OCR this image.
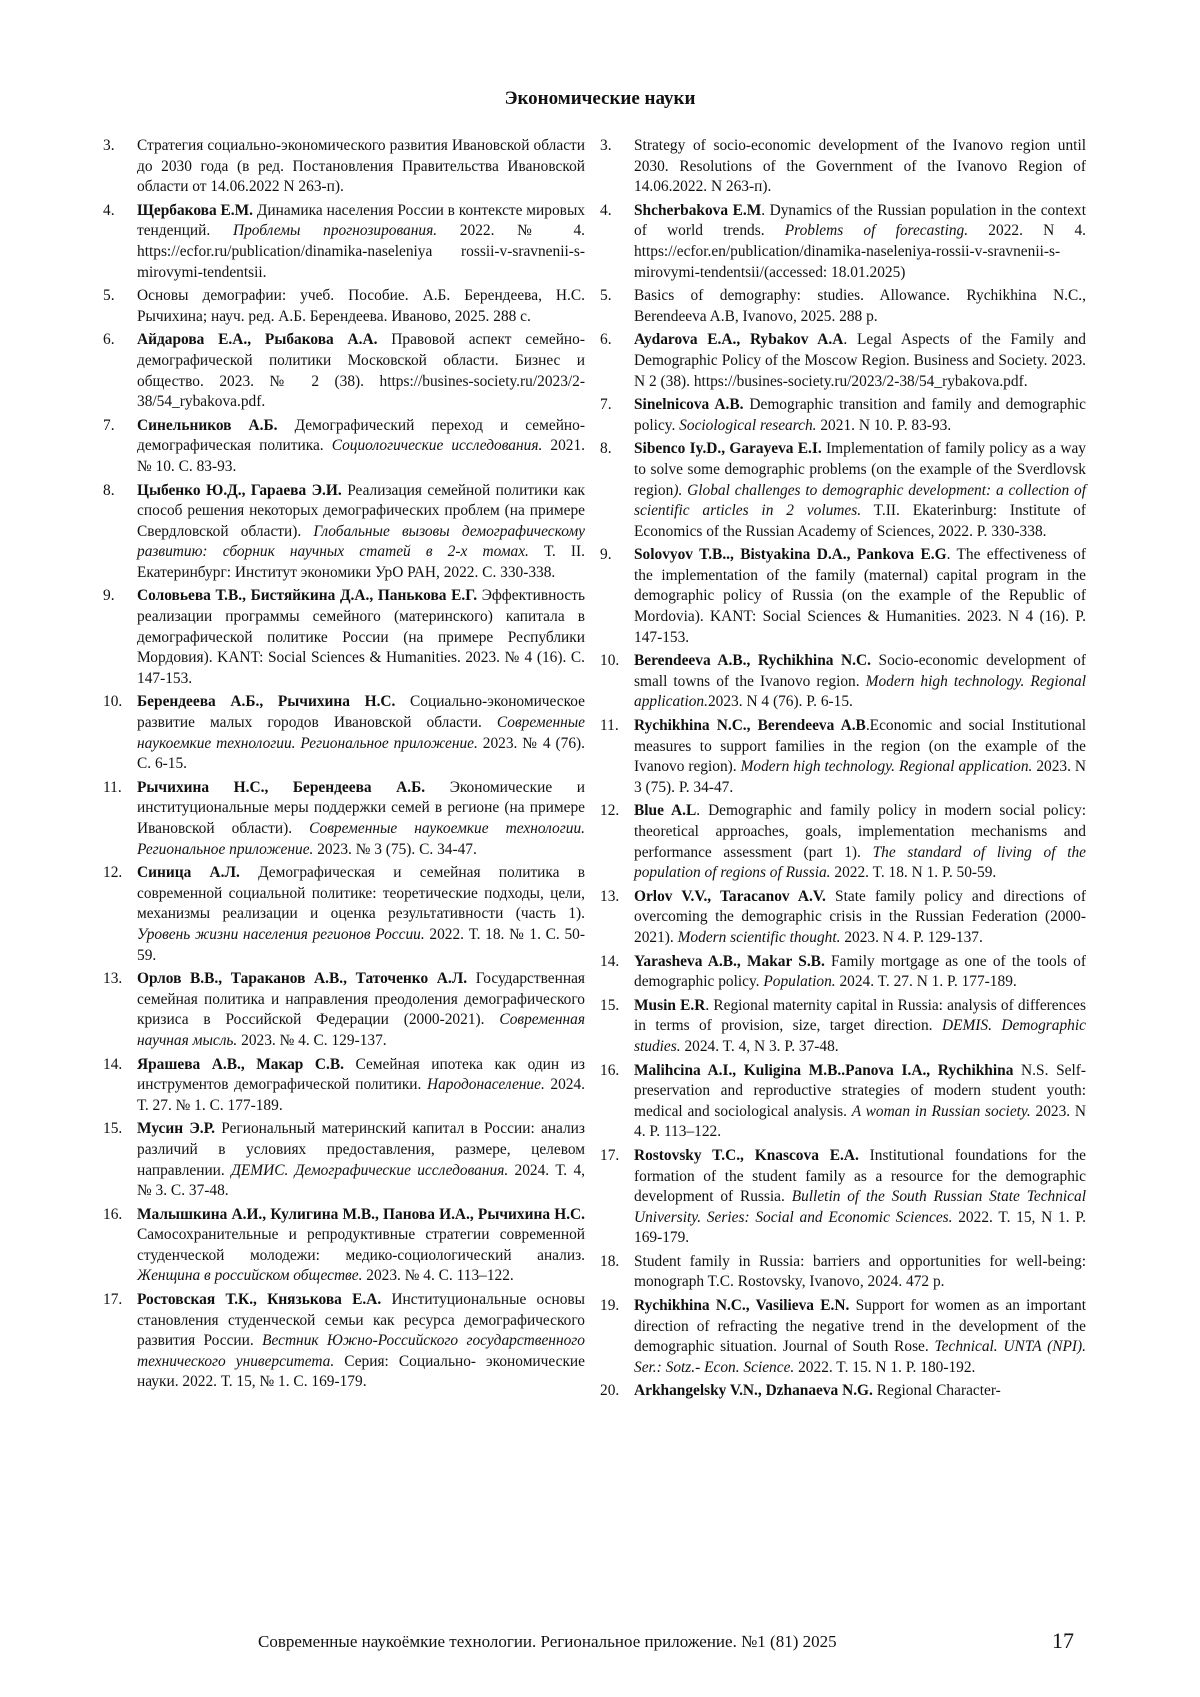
Экономические науки
3.	Стратегия социально-экономического развития Ивановской области до 2030 года (в ред. Постановления Правительства Ивановской области от 14.06.2022 N 263-п).
4.	Щербакова Е.М. Динамика населения России в контексте мировых тенденций. Проблемы прогнозирования. 2022. № 4. https://ecfor.ru/publication/dinamika-naseleniya rossii-v-sravnenii-s-mirovymi-tendentsii.
5.	Основы демографии: учеб. Пособие. А.Б. Берендеева, Н.С. Рычихина; науч. ред. А.Б. Берендеева. Иваново, 2025. 288 с.
6.	Айдарова Е.А., Рыбакова А.А. Правовой аспект семейно-демографической политики Московской области. Бизнес и общество. 2023. № 2 (38). https://busines-society.ru/2023/2-38/54_rybakova.pdf.
7.	Синельников А.Б. Демографический переход и семейно-демографическая политика. Социологические исследования. 2021. № 10. С. 83-93.
8.	Цыбенко Ю.Д., Гараева Э.И. Реализация семейной политики как способ решения некоторых демографических проблем (на примере Свердловской области). Глобальные вызовы демографическому развитию: сборник научных статей в 2-х томах. Т. II. Екатеринбург: Институт экономики УрО РАН, 2022. С. 330-338.
9.	Соловьева Т.В., Бистяйкина Д.А., Панькова Е.Г. Эффективность реализации программы семейного (материнского) капитала в демографической политике России (на примере Республики Мордовия). KANT: Social Sciences & Humanities. 2023. № 4 (16). С. 147-153.
10. Берендеева А.Б., Рычихина Н.С. Социально-экономическое развитие малых городов Ивановской области. Современные наукоемкие технологии. Региональное приложение. 2023. № 4 (76). С. 6-15.
11. Рычихина Н.С., Берендеева А.Б. Экономические и институциональные меры поддержки семей в регионе (на примере Ивановской области). Современные наукоемкие технологии. Региональное приложение. 2023. № 3 (75). С. 34-47.
12. Синица А.Л. Демографическая и семейная политика в современной социальной политике: теоретические подходы, цели, механизмы реализации и оценка результативности (часть 1). Уровень жизни населения регионов России. 2022. Т. 18. № 1. С. 50-59.
13. Орлов В.В., Тараканов А.В., Таточенко А.Л. Государственная семейная политика и направления преодоления демографического кризиса в Российской Федерации (2000-2021). Современная научная мысль. 2023. № 4. С. 129-137.
14. Ярашева А.В., Макар С.В. Семейная ипотека как один из инструментов демографической политики. Народонаселение. 2024. Т. 27. № 1. С. 177-189.
15. Мусин Э.Р. Региональный материнский капитал в России: анализ различий в условиях предоставления, размере, целевом направлении. ДЕМИС. Демографические исследования. 2024. Т. 4, № 3. С. 37-48.
16. Малышкина А.И., Кулигина М.В., Панова И.А., Рычихина Н.С. Самосохранительные и репродуктивные стратегии современной студенческой молодежи: медико-социологический анализ. Женщина в российском обществе. 2023. № 4. С. 113–122.
17. Ростовская Т.К., Князькова Е.А. Институциональные основы становления студенческой семьи как ресурса демографического развития России. Вестник Южно-Российского государственного технического университета. Серия: Социально- экономические науки. 2022. Т. 15, № 1. С. 169-179.
3.	Strategy of socio-economic development of the Ivanovo region until 2030. Resolutions of the Government of the Ivanovo Region of 14.06.2022. N 263-п).
4.	Shcherbakova E.M. Dynamics of the Russian population in the context of world trends. Problems of forecasting. 2022. N 4. https://ecfor.en/publication/dinamika-naseleniya-rossii-v-sravnenii-s-mirovymi-tendentsii/(accessed: 18.01.2025)
5.	Basics of demography: studies. Allowance. Rychikhina N.C., Berendeeva A.B, Ivanovo, 2025. 288 p.
6.	Aydarova E.A., Rybakov A.A. Legal Aspects of the Family and Demographic Policy of the Moscow Region. Business and Society. 2023. N 2 (38). https://busines-society.ru/2023/2-38/54_rybakova.pdf.
7.	Sinelnicova A.B. Demographic transition and family and demographic policy. Sociological research. 2021. N 10. P. 83-93.
8.	Sibenco Iy.D., Garayeva E.I. Implementation of family policy as a way to solve some demographic problems (on the example of the Sverdlovsk region). Global challenges to demographic development: a collection of scientific articles in 2 volumes. T.II. Ekaterinburg: Institute of Economics of the Russian Academy of Sciences, 2022. P. 330-338.
9.	Solovyov T.B.., Bistyakina D.A., Pankova E.G. The effectiveness of the implementation of the family (maternal) capital program in the demographic policy of Russia (on the example of the Republic of Mordovia). KANT: Social Sciences & Humanities. 2023. N 4 (16). P. 147-153.
10. Berendeeva A.B., Rychikhina N.C. Socio-economic development of small towns of the Ivanovo region. Modern high technology. Regional application.2023. N 4 (76). P. 6-15.
11. Rychikhina N.C., Berendeeva A.B.Economic and social Institutional measures to support families in the region (on the example of the Ivanovo region). Modern high technology. Regional application. 2023. N 3 (75). P. 34-47.
12. Blue A.L. Demographic and family policy in modern social policy: theoretical approaches, goals, implementation mechanisms and performance assessment (part 1). The standard of living of the population of regions of Russia. 2022. T. 18. N 1. P. 50-59.
13. Orlov V.V., Taracanov A.V. State family policy and directions of overcoming the demographic crisis in the Russian Federation (2000-2021). Modern scientific thought. 2023. N 4. P. 129-137.
14. Yarasheva A.B., Makar S.B. Family mortgage as one of the tools of demographic policy. Population. 2024. T. 27. N 1. P. 177-189.
15. Musin E.R. Regional maternity capital in Russia: analysis of differences in terms of provision, size, target direction. DEMIS. Demographic studies. 2024. T. 4, N 3. P. 37-48.
16. Malihcina A.I., Kuligina M.B..Panova I.A., Rychikhina N.S. Self-preservation and reproductive strategies of modern student youth: medical and sociological analysis. A woman in Russian society. 2023. N 4. P. 113–122.
17. Rostovsky T.C., Knascova E.A. Institutional foundations for the formation of the student family as a resource for the demographic development of Russia. Bulletin of the South Russian State Technical University. Series: Social and Economic Sciences. 2022. T. 15, N 1. P. 169-179.
18. Student family in Russia: barriers and opportunities for well-being: monograph T.C. Rostovsky, Ivanovo, 2024. 472 p.
19. Rychikhina N.C., Vasilieva E.N. Support for women as an important direction of refracting the negative trend in the development of the demographic situation. Journal of South Rose. Technical. UNTA (NPI). Ser.: Sotz.- Econ. Science. 2022. T. 15. N 1. P. 180-192.
20. Arkhangelsky V.N., Dzhanaeva N.G. Regional Character-
Современные наукоёмкие технологии. Региональное приложение. №1 (81) 2025	17
